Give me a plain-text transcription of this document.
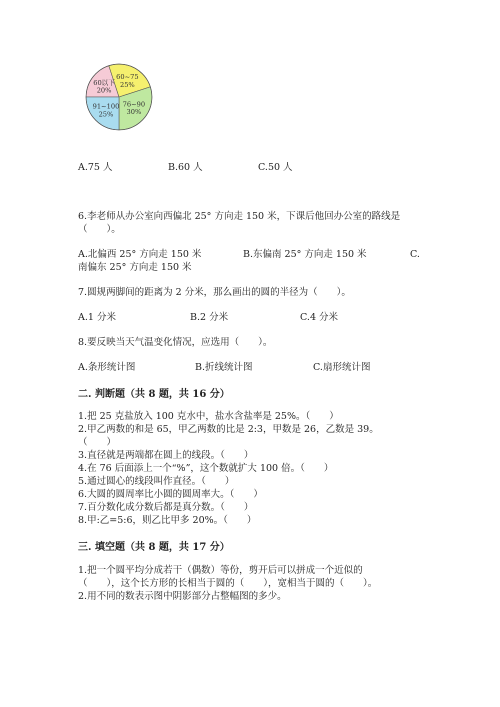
60以下
20%
60~75
25%
76~90
30%
91~100
25%
A.75 人	B.60 人	C.50 人
6.李老师从办公室向西偏北 25° 方向走 150 米，下课后他回办公室的路线是
（　　）。
A.北偏西 25° 方向走 150 米	B.东偏南 25° 方向走 150 米	C.
南偏东 25° 方向走 150 米
7.圆规两脚间的距离为 2 分米，那么画出的圆的半径为（　　）。
A.1 分米	B.2 分米	C.4 分米
8.要反映当天气温变化情况，应选用（　　）。
A.条形统计图	B.折线统计图	C.扇形统计图
二. 判断题（共 8 题，共 16 分）
1.把 25 克盐放入 100 克水中，盐水含盐率是 25%。（　　）
2.甲乙两数的和是 65，甲乙两数的比是 2:3，甲数是 26，乙数是 39。
（　　）
3.直径就是两端都在圆上的线段。（　　）
4.在 76 后面添上一个“%”，这个数就扩大 100 倍。（　　）
5.通过圆心的线段叫作直径。（　　）
6.大圆的圆周率比小圆的圆周率大。（　　）
7.百分数化成分数后都是真分数。（　　）
8.甲:乙=5:6，则乙比甲多 20%。（　　）
三. 填空题（共 8 题，共 17 分）
1.把一个圆平均分成若干（偶数）等份，剪开后可以拼成一个近似的
（　　），这个长方形的长相当于圆的（　　），宽相当于圆的（　　）。
2.用不同的数表示图中阴影部分占整幅图的多少。
